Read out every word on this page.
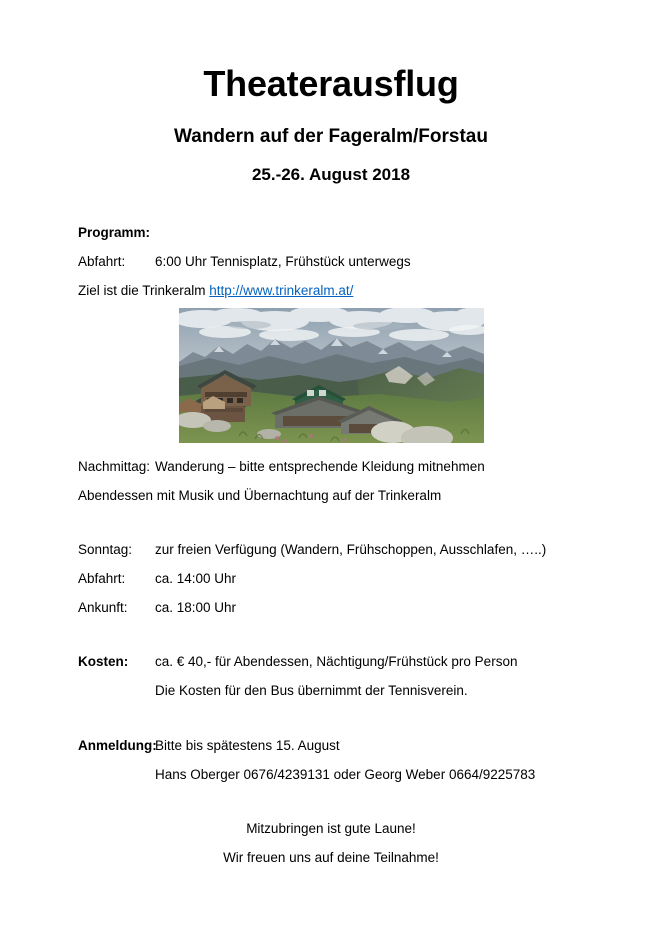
Theaterausflug
Wandern auf der Fageralm/Forstau
25.-26. August 2018
Programm:
Abfahrt: 6:00 Uhr Tennisplatz, Frühstück unterwegs
Ziel ist die Trinkeralm http://www.trinkeralm.at/
Nachmittag: Wanderung – bitte entsprechende Kleidung mitnehmen
Abendessen mit Musik und Übernachtung auf der Trinkeralm
Sonntag: zur freien Verfügung (Wandern, Frühschoppen, Ausschlafen, …..)
Abfahrt: ca. 14:00 Uhr
Ankunft: ca. 18:00 Uhr
Kosten: ca. € 40,- für Abendessen, Nächtigung/Frühstück pro Person
Die Kosten für den Bus übernimmt der Tennisverein.
Anmeldung:Bitte bis spätestens 15. August
Hans Oberger 0676/4239131 oder Georg Weber 0664/9225783
Mitzubringen ist gute Laune!
Wir freuen uns auf deine Teilnahme!
